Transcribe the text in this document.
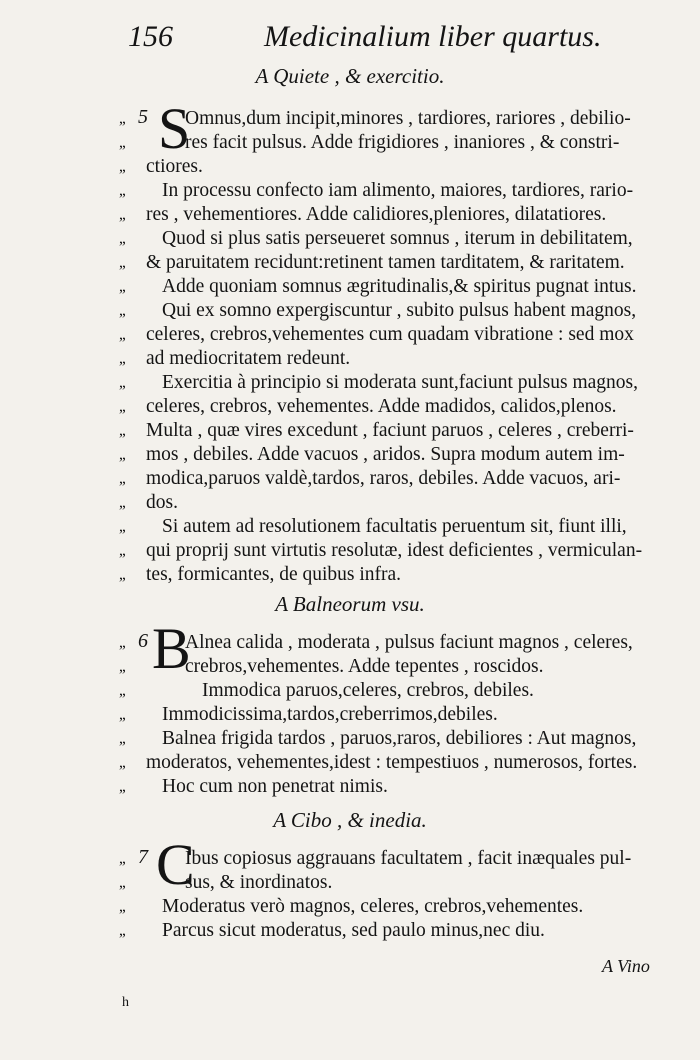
156	Medicinalium liber quartus.
A Quiete , & exercitio.
S
,, 5 Omnus,dum incipit,minores , tardiores, rariores , debilio-
,,	res facit pulsus. Adde frigidiores , inaniores , & constri-
,, ctiores.
,, In processu confecto iam alimento, maiores, tardiores, rario-
,, res , vehementiores. Adde calidiores,pleniores, dilatatiores.
,, Quod si plus satis perseueret somnus , iterum in debilitatem,
,, & paruitatem recidunt:retinent tamen tarditatem, & raritatem.
,, Adde quoniam somnus ægritudinalis,& spiritus pugnat intus.
,, Qui ex somno expergiscuntur , subito pulsus habent magnos,
,, celeres, crebros,vehementes cum quadam vibratione : sed mox
,, ad mediocritatem redeunt.
,, Exercitia à principio si moderata sunt,faciunt pulsus magnos,
,, celeres, crebros, vehementes. Adde madidos, calidos,plenos.
,, Multa , quæ vires excedunt , faciunt paruos , celeres , creberri-
,, mos , debiles. Adde vacuos , aridos. Supra modum autem im-
,, modica,paruos valdè,tardos, raros, debiles. Adde vacuos, ari-
,, dos.
,, Si autem ad resolutionem facultatis peruentum sit, fiunt illi,
,, qui proprij sunt virtutis resolutæ, idest deficientes , vermiculan-
,, tes, formicantes, de quibus infra.
A Balneorum vsu.
B
,, 6 Alnea calida , moderata , pulsus faciunt magnos , celeres,
,,	crebros,vehementes. Adde tepentes , roscidos.
,,	Immodica paruos,celeres, crebros, debiles.
,, Immodicissima,tardos,creberrimos,debiles.
,, Balnea frigida tardos , paruos,raros, debiliores : Aut magnos,
,, moderatos, vehementes,idest : tempestiuos , numerosos, fortes.
,, Hoc cum non penetrat nimis.
A Cibo , & inedia.
C
,, 7 Ibus copiosus aggrauans facultatem , facit inæquales pul-
,,	sus, & inordinatos.
,, Moderatus verò magnos, celeres, crebros,vehementes.
,, Parcus sicut moderatus, sed paulo minus,nec diu.
A Vino
h
